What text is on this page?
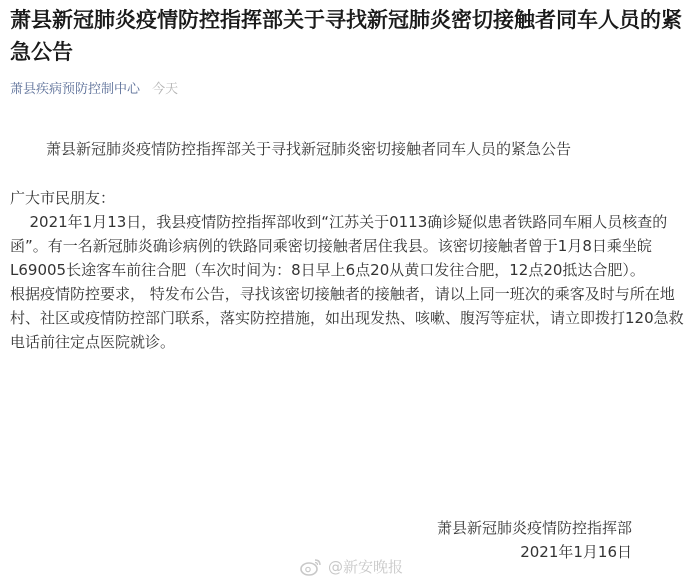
萧县新冠肺炎疫情防控指挥部关于寻找新冠肺炎密切接触者同车人员的紧急公告
萧县疾病预防控制中心 今天
萧县新冠肺炎疫情防控指挥部关于寻找新冠肺炎密切接触者同车人员的紧急公告

广大市民朋友：

2021年1月13日，我县疫情防控指挥部收到“江苏关于0113确诊疑似患者铁路同车厢人员核查的函”。有一名新冠肺炎确诊病例的铁路同乘密切接触者居住我县。该密切接触者曾于1月8日乘坐皖L69005长途客车前往合肥（车次时间为：8日早上6点20从黄口发往合肥，12点20抵达合肥）。

根据疫情防控要求， 特发布公告，寻找该密切接触者的接触者，请以上同一班次的乘客及时与所在地村、社区或疫情防控部门联系，落实防控措施，如出现发热、咳嗽、腹泻等症状，请立即拨打120急救电话前往定点医院就诊。

萧县新冠肺炎疫情防控指挥部
2021年1月16日
@新安晚报
